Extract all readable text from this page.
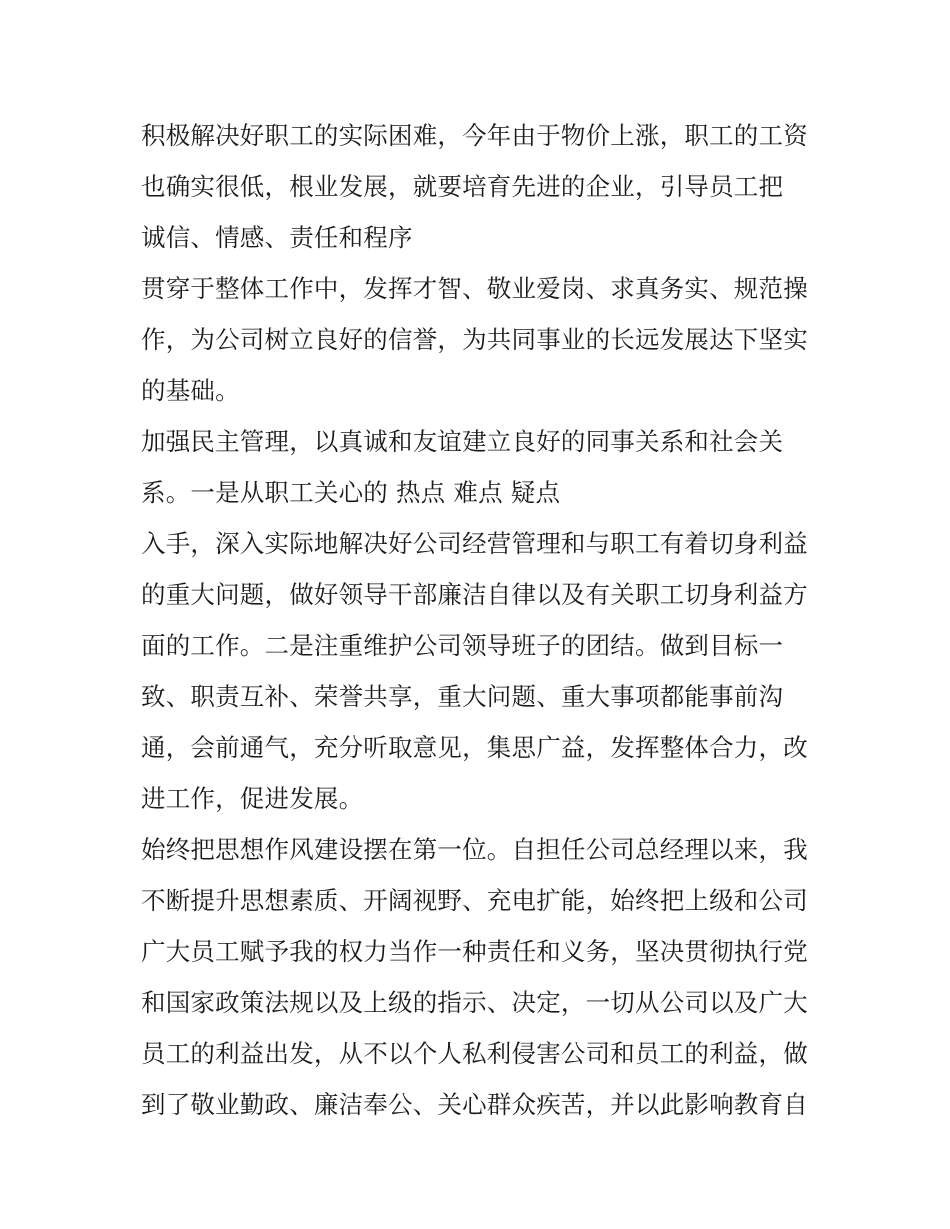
积极解决好职工的实际困难，今年由于物价上涨，职工的工资
也确实很低，根业发展，就要培育先进的企业，引导员工把
诚信、情感、责任和程序
贯穿于整体工作中，发挥才智、敬业爱岗、求真务实、规范操
作，为公司树立良好的信誉，为共同事业的长远发展达下坚实
的基础。
加强民主管理，以真诚和友谊建立良好的同事关系和社会关
系。一是从职工关心的 热点 难点 疑点
入手，深入实际地解决好公司经营管理和与职工有着切身利益
的重大问题，做好领导干部廉洁自律以及有关职工切身利益方
面的工作。二是注重维护公司领导班子的团结。做到目标一
致、职责互补、荣誉共享，重大问题、重大事项都能事前沟
通，会前通气，充分听取意见，集思广益，发挥整体合力，改
进工作，促进发展。
始终把思想作风建设摆在第一位。自担任公司总经理以来，我
不断提升思想素质、开阔视野、充电扩能，始终把上级和公司
广大员工赋予我的权力当作一种责任和义务，坚决贯彻执行党
和国家政策法规以及上级的指示、决定，一切从公司以及广大
员工的利益出发，从不以个人私利侵害公司和员工的利益，做
到了敬业勤政、廉洁奉公、关心群众疾苦，并以此影响教育自
